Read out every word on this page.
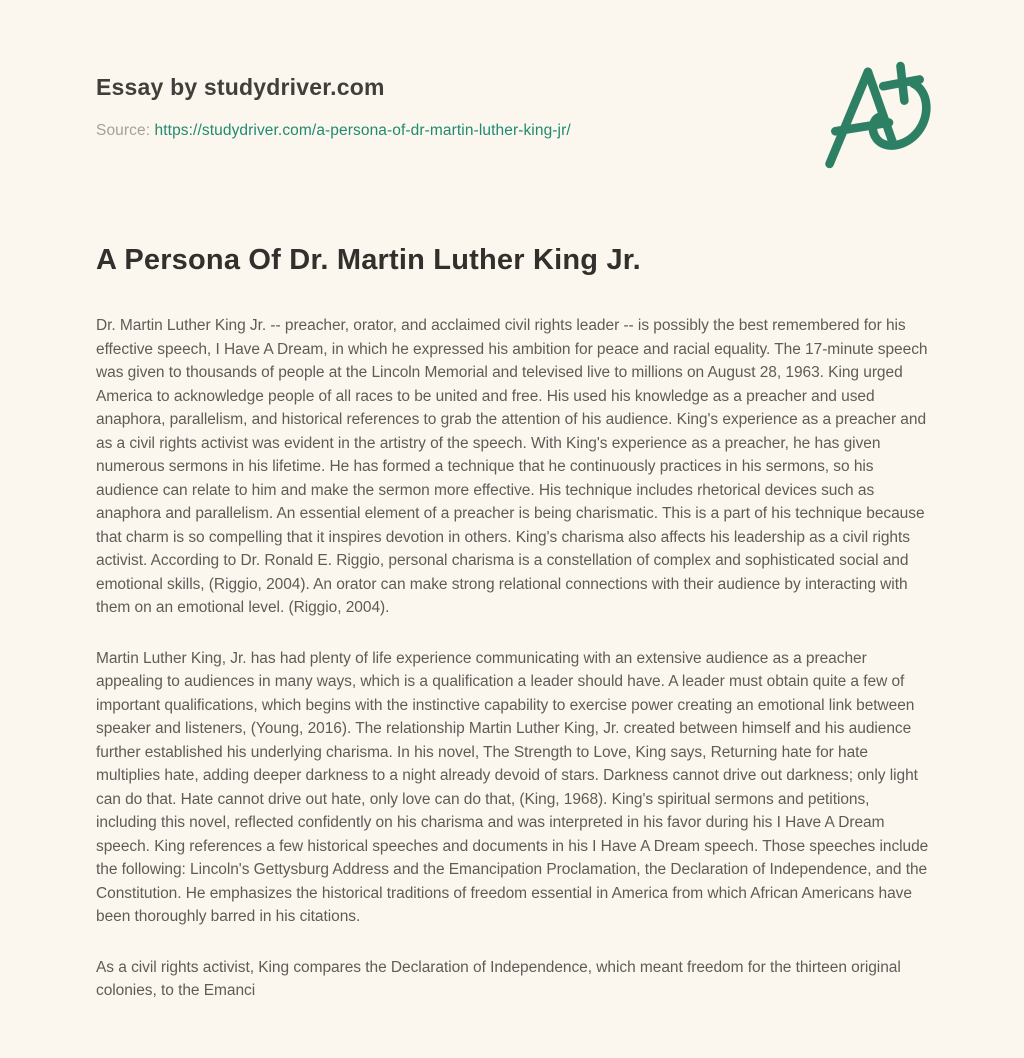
Essay by studydriver.com
Source: https://studydriver.com/a-persona-of-dr-martin-luther-king-jr/
A Persona Of Dr. Martin Luther King Jr.

Dr. Martin Luther King Jr. -- preacher, orator, and acclaimed civil rights leader -- is possibly the best remembered for his effective speech, I Have A Dream, in which he expressed his ambition for peace and racial equality. The 17-minute speech was given to thousands of people at the Lincoln Memorial and televised live to millions on August 28, 1963. King urged America to acknowledge people of all races to be united and free. His used his knowledge as a preacher and used anaphora, parallelism, and historical references to grab the attention of his audience. King's experience as a preacher and as a civil rights activist was evident in the artistry of the speech. With King's experience as a preacher, he has given numerous sermons in his lifetime. He has formed a technique that he continuously practices in his sermons, so his audience can relate to him and make the sermon more effective. His technique includes rhetorical devices such as anaphora and parallelism. An essential element of a preacher is being charismatic. This is a part of his technique because that charm is so compelling that it inspires devotion in others. King's charisma also affects his leadership as a civil rights activist. According to Dr. Ronald E. Riggio, personal charisma is a constellation of complex and sophisticated social and emotional skills, (Riggio, 2004). An orator can make strong relational connections with their audience by interacting with them on an emotional level. (Riggio, 2004).

Martin Luther King, Jr. has had plenty of life experience communicating with an extensive audience as a preacher appealing to audiences in many ways, which is a qualification a leader should have. A leader must obtain quite a few of important qualifications, which begins with the instinctive capability to exercise power creating an emotional link between speaker and listeners, (Young, 2016). The relationship Martin Luther King, Jr. created between himself and his audience further established his underlying charisma. In his novel, The Strength to Love, King says, Returning hate for hate multiplies hate, adding deeper darkness to a night already devoid of stars. Darkness cannot drive out darkness; only light can do that. Hate cannot drive out hate, only love can do that, (King, 1968). King's spiritual sermons and petitions, including this novel, reflected confidently on his charisma and was interpreted in his favor during his I Have A Dream speech. King references a few historical speeches and documents in his I Have A Dream speech. Those speeches include the following: Lincoln's Gettysburg Address and the Emancipation Proclamation, the Declaration of Independence, and the Constitution. He emphasizes the historical traditions of freedom essential in America from which African Americans have been thoroughly barred in his citations.

As a civil rights activist, King compares the Declaration of Independence, which meant freedom for the thirteen original colonies, to the Emanci
